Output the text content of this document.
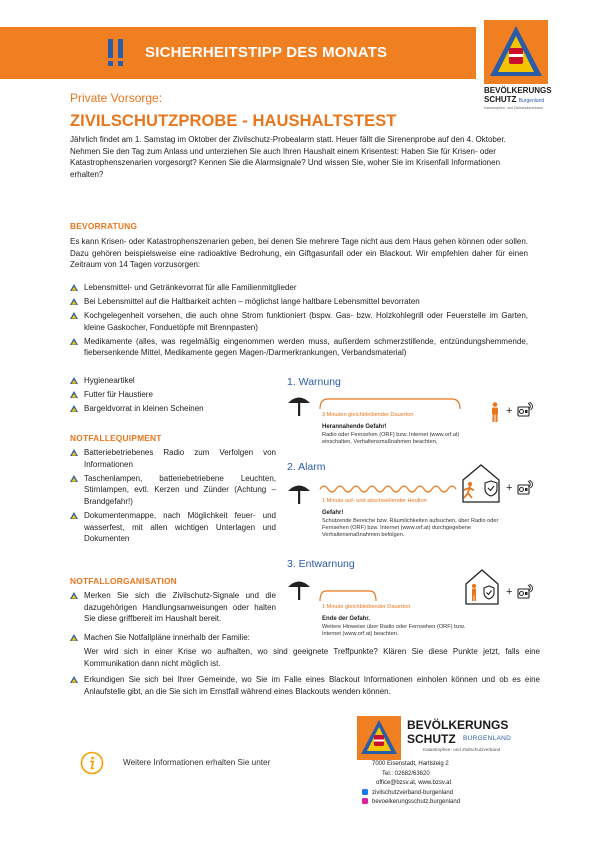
SICHERHEITSTIPP DES MONATS
BEVÖLKERUNGS
SCHUTZ Burgenland
Katastrophen- und Zivilschutzverband
Private Vorsorge:
ZIVILSCHUTZPROBE - HAUSHALTSTEST
Jährlich findet am 1. Samstag im Oktober der Zivilschutz-Probealarm statt. Heuer fällt die Sirenenprobe auf den 4. Oktober. Nehmen Sie den Tag zum Anlass und unterziehen Sie auch Ihren Haushalt einem Krisentest: Haben Sie für Krisen- oder Katastrophenszenarien vorgesorgt? Kennen Sie die Alarmsignale? Und wissen Sie, woher Sie im Krisenfall Informationen erhalten?
BEVORRATUNG
Es kann Krisen- oder Katastrophenszenarien geben, bei denen Sie mehrere Tage nicht aus dem Haus gehen können oder sollen. Dazu gehören beispielsweise eine radioaktive Bedrohung, ein Giftgasunfall oder ein Blackout. Wir empfehlen daher für einen Zeitraum von 14 Tagen vorzusorgen:
Lebensmittel- und Getränkevorrat für alle Familienmitglieder
Bei Lebensmittel auf die Haltbarkeit achten – möglichst lange haltbare Lebensmittel bevorraten
Kochgelegenheit vorsehen, die auch ohne Strom funktioniert (bspw. Gas- bzw. Holzkohlegrill oder Feuerstelle im Garten, kleine Gaskocher, Fonduetöpfe mit Brennpasten)
Medikamente (alles, was regelmäßig eingenommen werden muss, außerdem schmerzstillende, entzündungshemmende, fiebersenkende Mittel, Medikamente gegen Magen-/Darmerkrankungen, Verbandsmaterial)
Hygieneartikel
Futter für Haustiere
Bargeldvorrat in kleinen Scheinen
NOTFALLEQUIPMENT
Batteriebetriebenes Radio zum Verfolgen von Informationen
Taschenlampen, batteriebetriebene Leuchten, Stirnlampen, evtl. Kerzen und Zünder (Achtung – Brandgefahr!)
Dokumentenmappe, nach Möglichkeit feuer- und wasserfest, mit allen wichtigen Unterlagen und Dokumenten
NOTFALLORGANISATION
Merken Sie sich die Zivilschutz-Signale und die dazugehörigen Handlungsanweisungen oder halten Sie diese griffbereit im Haushalt bereit.
Machen Sie Notfallpläne innerhalb der Familie:
Wer wird sich in einer Krise wo aufhalten, wo sind geeignete Treffpunkte? Klären Sie diese Punkte jetzt, falls eine Kommunikation dann nicht möglich ist.
Erkundigen Sie sich bei Ihrer Gemeinde, wo Sie im Falle eines Blackout Informationen einholen können und ob es eine Anlaufstelle gibt, an die Sie sich im Ernstfall während eines Blackouts wenden können.
1. Warnung
3 Minuten gleichbleibender Dauerton
Herannahende Gefahr!
Radio oder Fernsehen (ORF) bzw. Internet (www.orf.at) einschalten, Verhaltensmaßnahmen beachten.
+
2. Alarm
1 Minute auf- und abschwellender Heulton
Gefahr!
Schützende Bereiche bzw. Räumlichkeiten aufsuchen, über Radio oder Fernsehen (ORF) bzw. Internet (www.orf.at) durchgegebene Verhaltensmaßnahmen befolgen.
+
3. Entwarnung
1 Minute gleichbleibender Dauerton
Ende der Gefahr.
Weitere Hinweise über Radio oder Fernsehen (ORF) bzw. Internet (www.orf.at) beachten.
+
Weitere Informationen erhalten Sie unter
BEVÖLKERUNGS
SCHUTZ BURGENLAND
Katastrophen- und Zivilschutzverband
7000 Eisenstadt, Hartlsteig 2
Tel.: 02682/63620
office@bzsv.at, www.bzsv.at
zivilschutzverband-burgenland
bevoelkerungsschutz.burgenland
